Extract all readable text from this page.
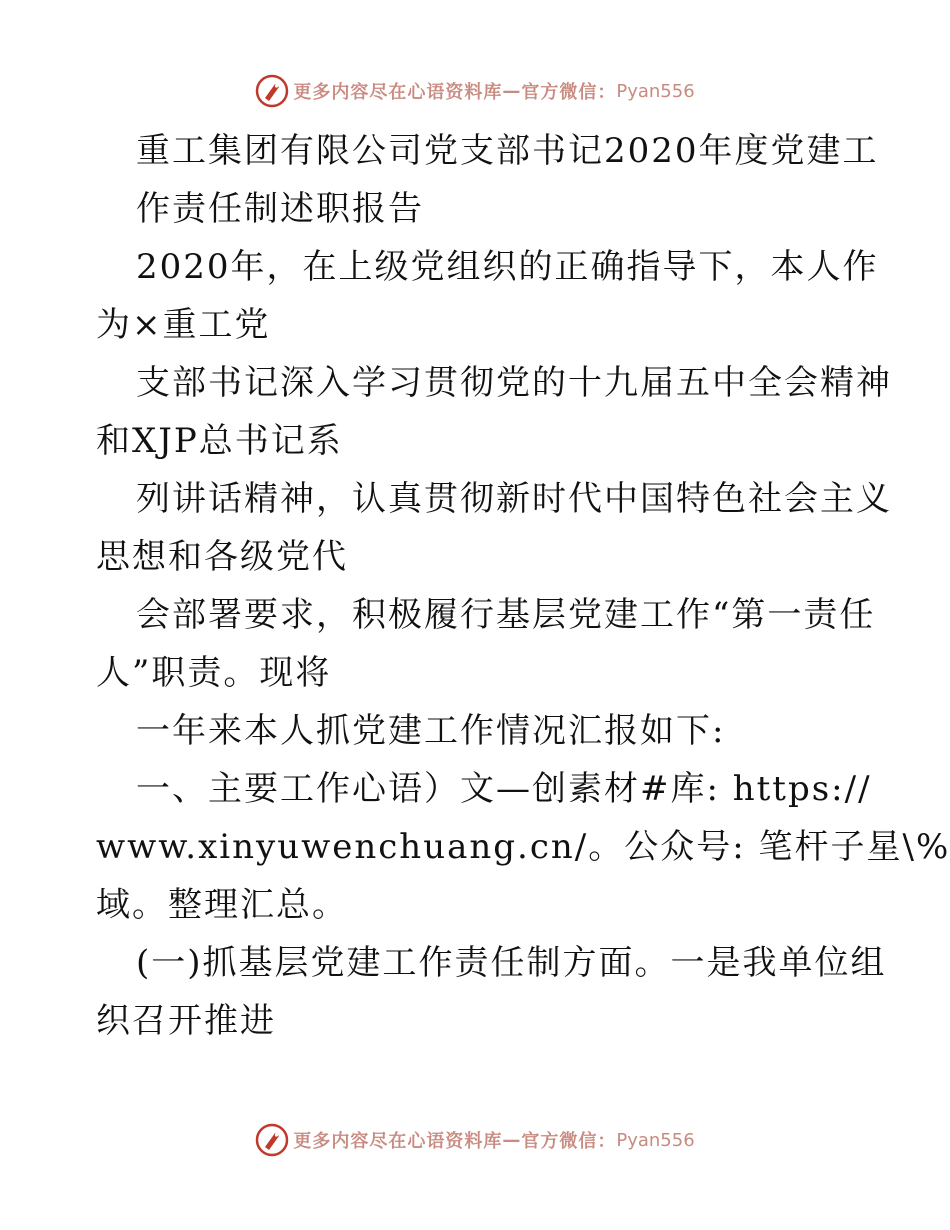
更多内容尽在心语资料库 — 官方微信： Pyan556
重工集团有限公司党支部书记2020年度党建工
作责任制述职报告
2020年，在上级党组织的正确指导下，本人作
为×重工党
支部书记深入学习贯彻党的十九届五中全会精神
和XJP总书记系
列讲话精神，认真贯彻新时代中国特色社会主义
思想和各级党代
会部署要求，积极履行基层党建工作“第一责任
人”职责。现将
一年来本人抓党建工作情况汇报如下:
一、主要工作心语）文—创素材#库: https://
www.xinyuwenchuang.cn/。公众号: 笔杆子星\%
域。整理汇总。
(一)抓基层党建工作责任制方面。一是我单位组
织召开推进
更多内容尽在心语资料库 — 官方微信： Pyan556
